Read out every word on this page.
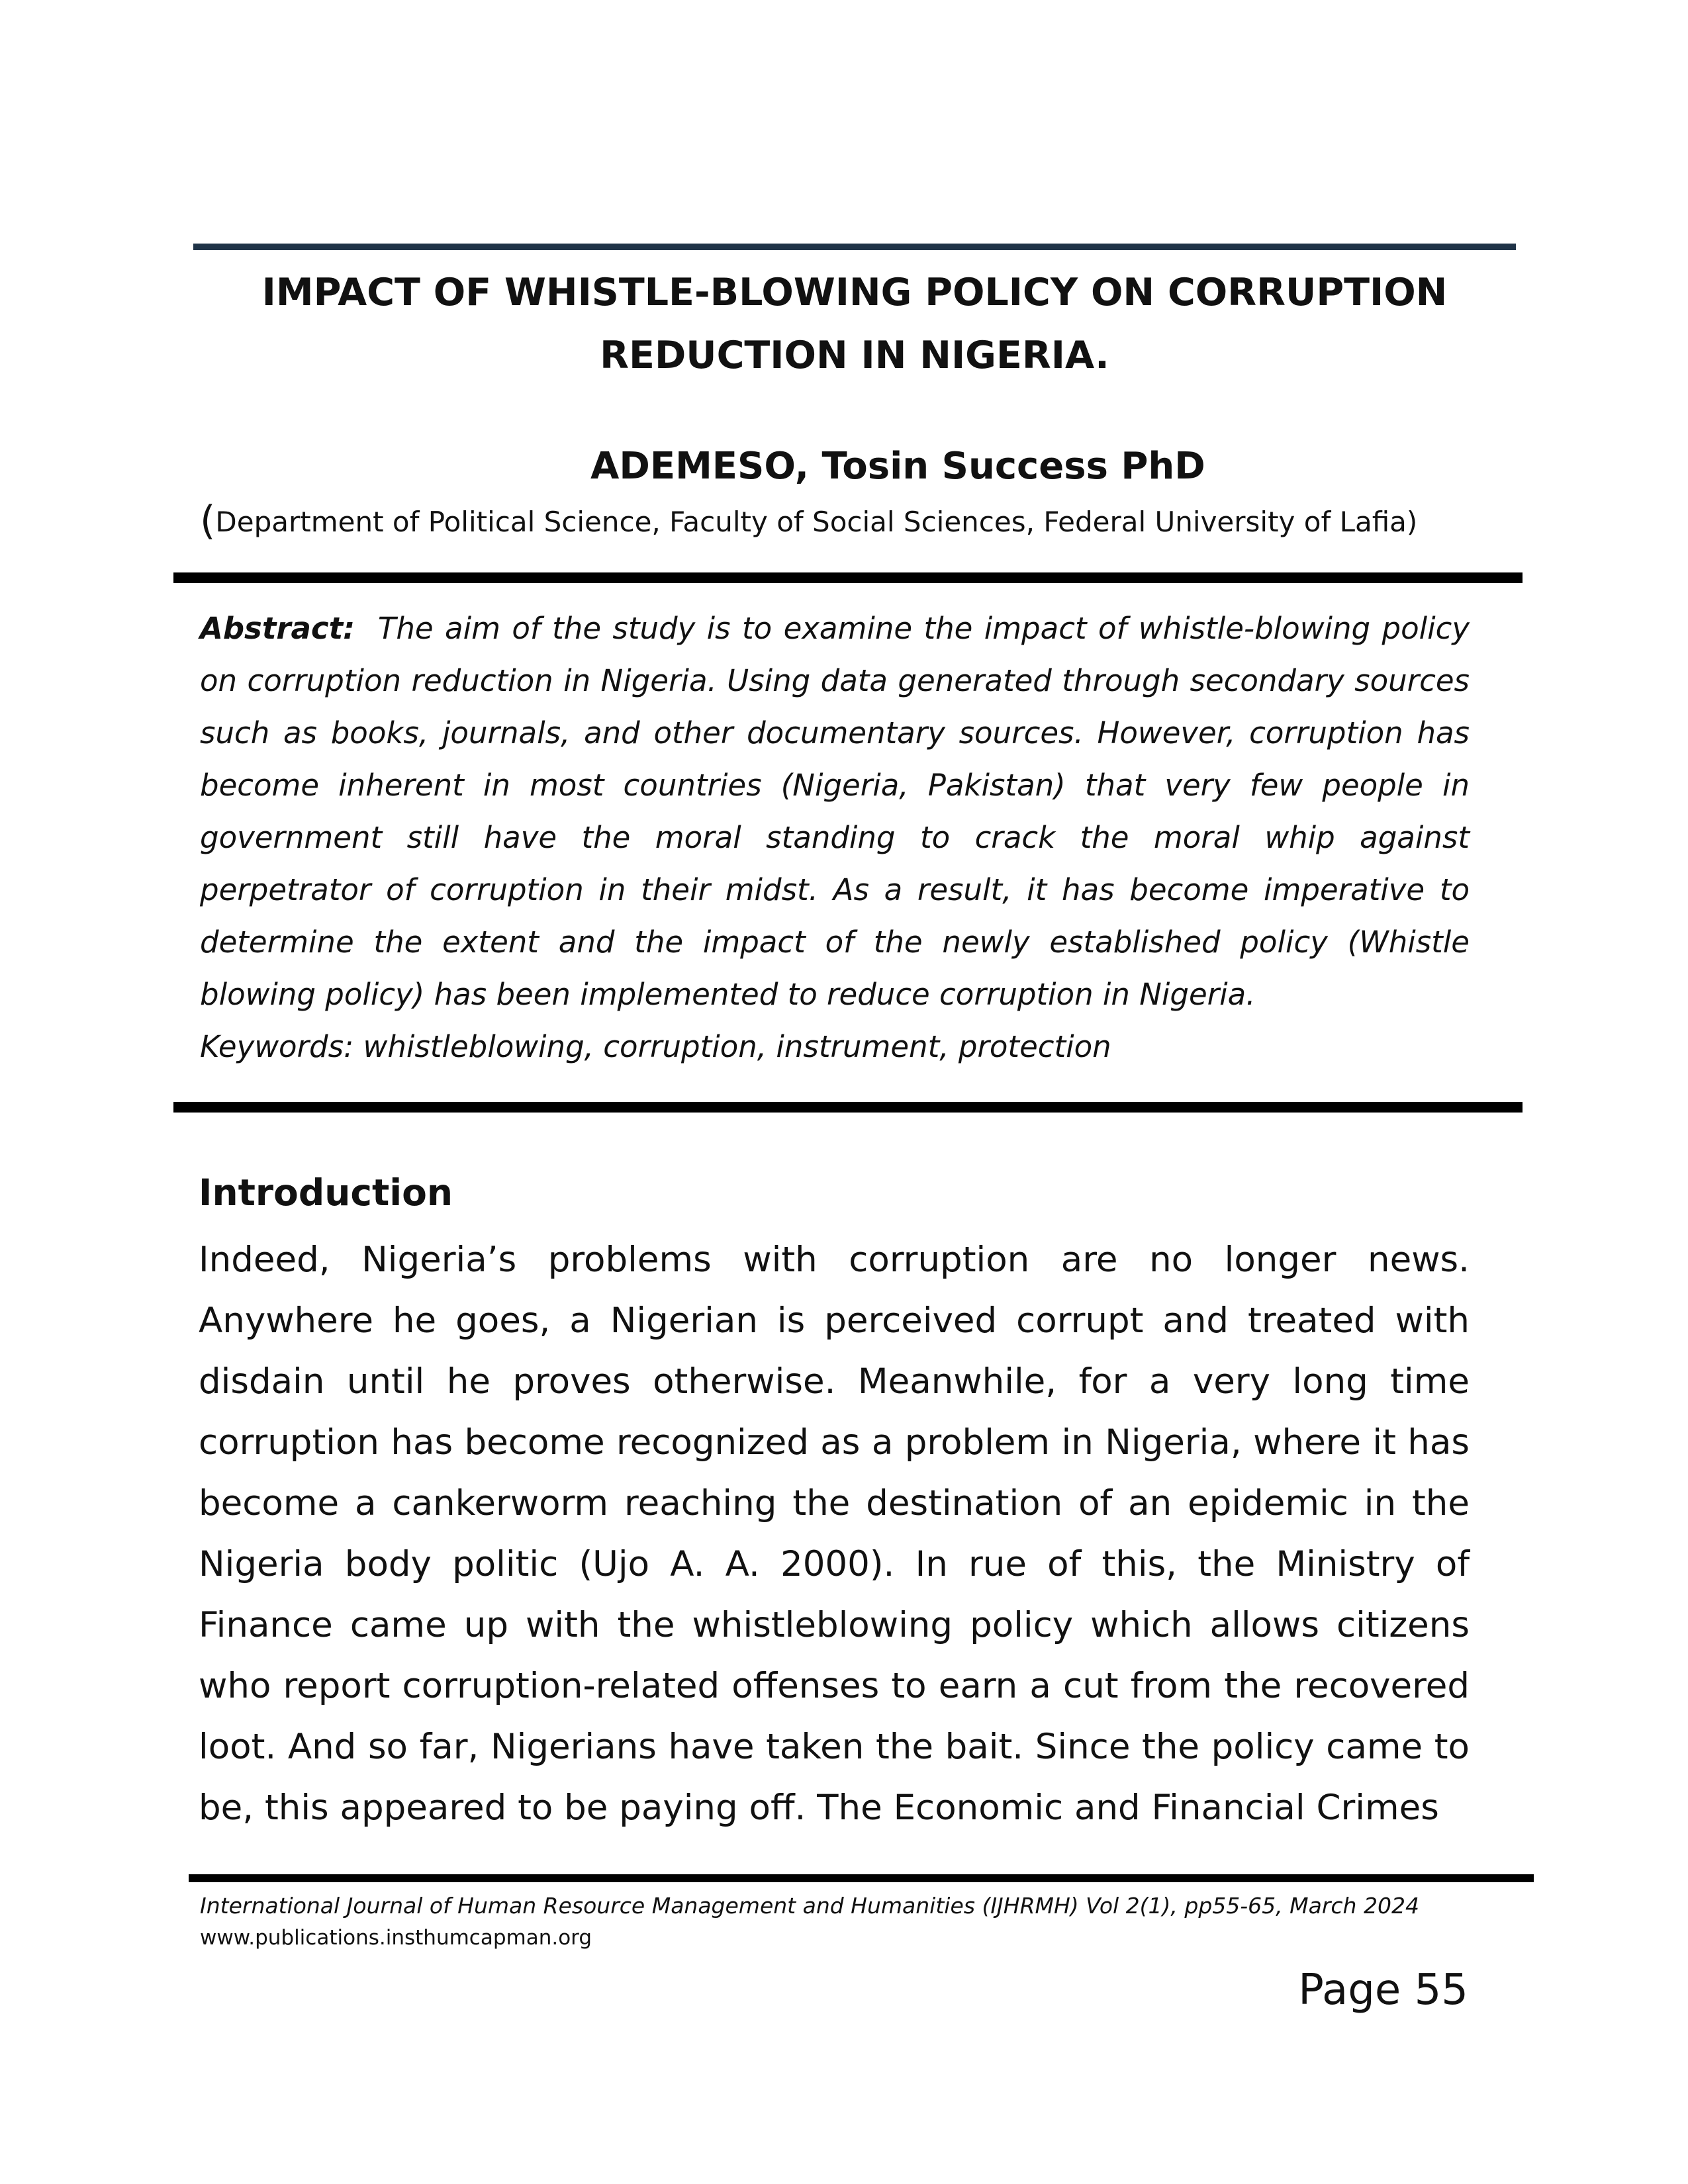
IMPACT OF WHISTLE-BLOWING POLICY ON CORRUPTION REDUCTION IN NIGERIA.

ADEMESO, Tosin Success PhD

(Department of Political Science, Faculty of Social Sciences, Federal University of Lafia)

Abstract: The aim of the study is to examine the impact of whistle-blowing policy on corruption reduction in Nigeria. Using data generated through secondary sources such as books, journals, and other documentary sources. However, corruption has become inherent in most countries (Nigeria, Pakistan) that very few people in government still have the moral standing to crack the moral whip against perpetrator of corruption in their midst. As a result, it has become imperative to determine the extent and the impact of the newly established policy (Whistle blowing policy) has been implemented to reduce corruption in Nigeria.

Keywords: whistleblowing, corruption, instrument, protection

Introduction

Indeed, Nigeria’s problems with corruption are no longer news. Anywhere he goes, a Nigerian is perceived corrupt and treated with disdain until he proves otherwise. Meanwhile, for a very long time corruption has become recognized as a problem in Nigeria, where it has become a cankerworm reaching the destination of an epidemic in the Nigeria body politic (Ujo A. A. 2000). In rue of this, the Ministry of Finance came up with the whistleblowing policy which allows citizens who report corruption-related offenses to earn a cut from the recovered loot. And so far, Nigerians have taken the bait. Since the policy came to be, this appeared to be paying off. The Economic and Financial Crimes

International Journal of Human Resource Management and Humanities (IJHRMH) Vol 2(1), pp55-65, March 2024

www.publications.insthumcapman.org

Page 55
